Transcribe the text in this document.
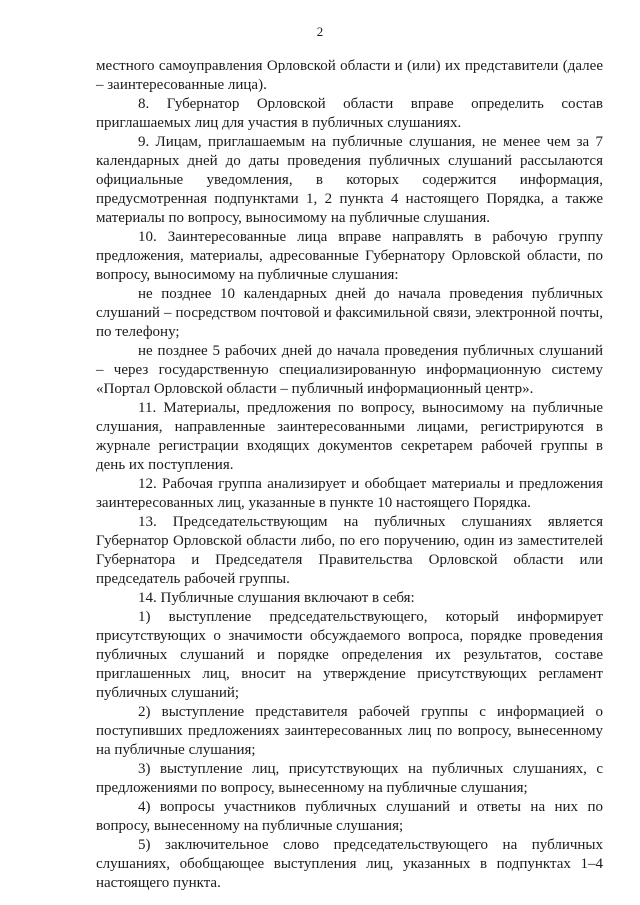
2

местного самоуправления Орловской области и (или) их представители (далее – заинтересованные лица).

8. Губернатор Орловской области вправе определить состав приглашаемых лиц для участия в публичных слушаниях.

9. Лицам, приглашаемым на публичные слушания, не менее чем за 7 календарных дней до даты проведения публичных слушаний рассылаются официальные уведомления, в которых содержится информация, предусмотренная подпунктами 1, 2 пункта 4 настоящего Порядка, а также материалы по вопросу, выносимому на публичные слушания.

10. Заинтересованные лица вправе направлять в рабочую группу предложения, материалы, адресованные Губернатору Орловской области, по вопросу, выносимому на публичные слушания:

не позднее 10 календарных дней до начала проведения публичных слушаний – посредством почтовой и факсимильной связи, электронной почты, по телефону;

не позднее 5 рабочих дней до начала проведения публичных слушаний – через государственную специализированную информационную систему «Портал Орловской области – публичный информационный центр».

11. Материалы, предложения по вопросу, выносимому на публичные слушания, направленные заинтересованными лицами, регистрируются в журнале регистрации входящих документов секретарем рабочей группы в день их поступления.

12. Рабочая группа анализирует и обобщает материалы и предложения заинтересованных лиц, указанные в пункте 10 настоящего Порядка.

13. Председательствующим на публичных слушаниях является Губернатор Орловской области либо, по его поручению, один из заместителей Губернатора и Председателя Правительства Орловской области или председатель рабочей группы.

14. Публичные слушания включают в себя:

1) выступление председательствующего, который информирует присутствующих о значимости обсуждаемого вопроса, порядке проведения публичных слушаний и порядке определения их результатов, составе приглашенных лиц, вносит на утверждение присутствующих регламент публичных слушаний;

2) выступление представителя рабочей группы с информацией о поступивших предложениях заинтересованных лиц по вопросу, вынесенному на публичные слушания;

3) выступление лиц, присутствующих на публичных слушаниях, с предложениями по вопросу, вынесенному на публичные слушания;

4) вопросы участников публичных слушаний и ответы на них по вопросу, вынесенному на публичные слушания;

5) заключительное слово председательствующего на публичных слушаниях, обобщающее выступления лиц, указанных в подпунктах 1–4 настоящего пункта.
